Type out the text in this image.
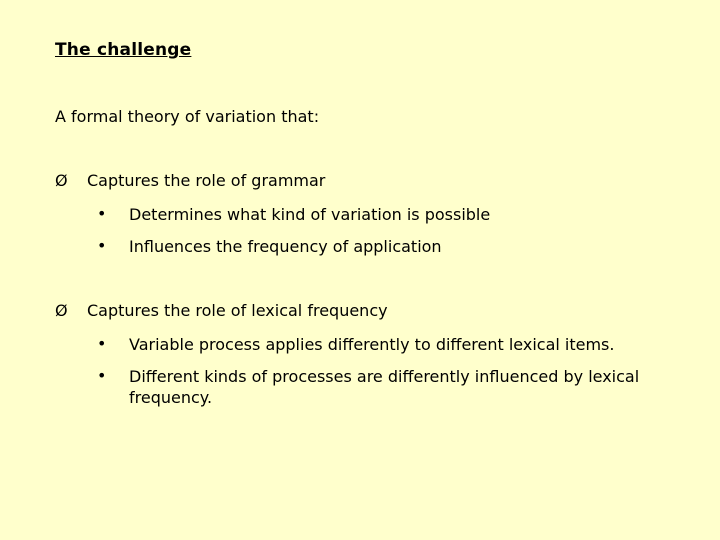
The challenge
A formal theory of variation that:
Ø	Captures the role of grammar
• Determines what kind of variation is possible
• Influences the frequency of application
Ø	Captures the role of lexical frequency
• Variable process applies differently to different lexical items.
• Different kinds of processes are differently influenced by lexical frequency.
